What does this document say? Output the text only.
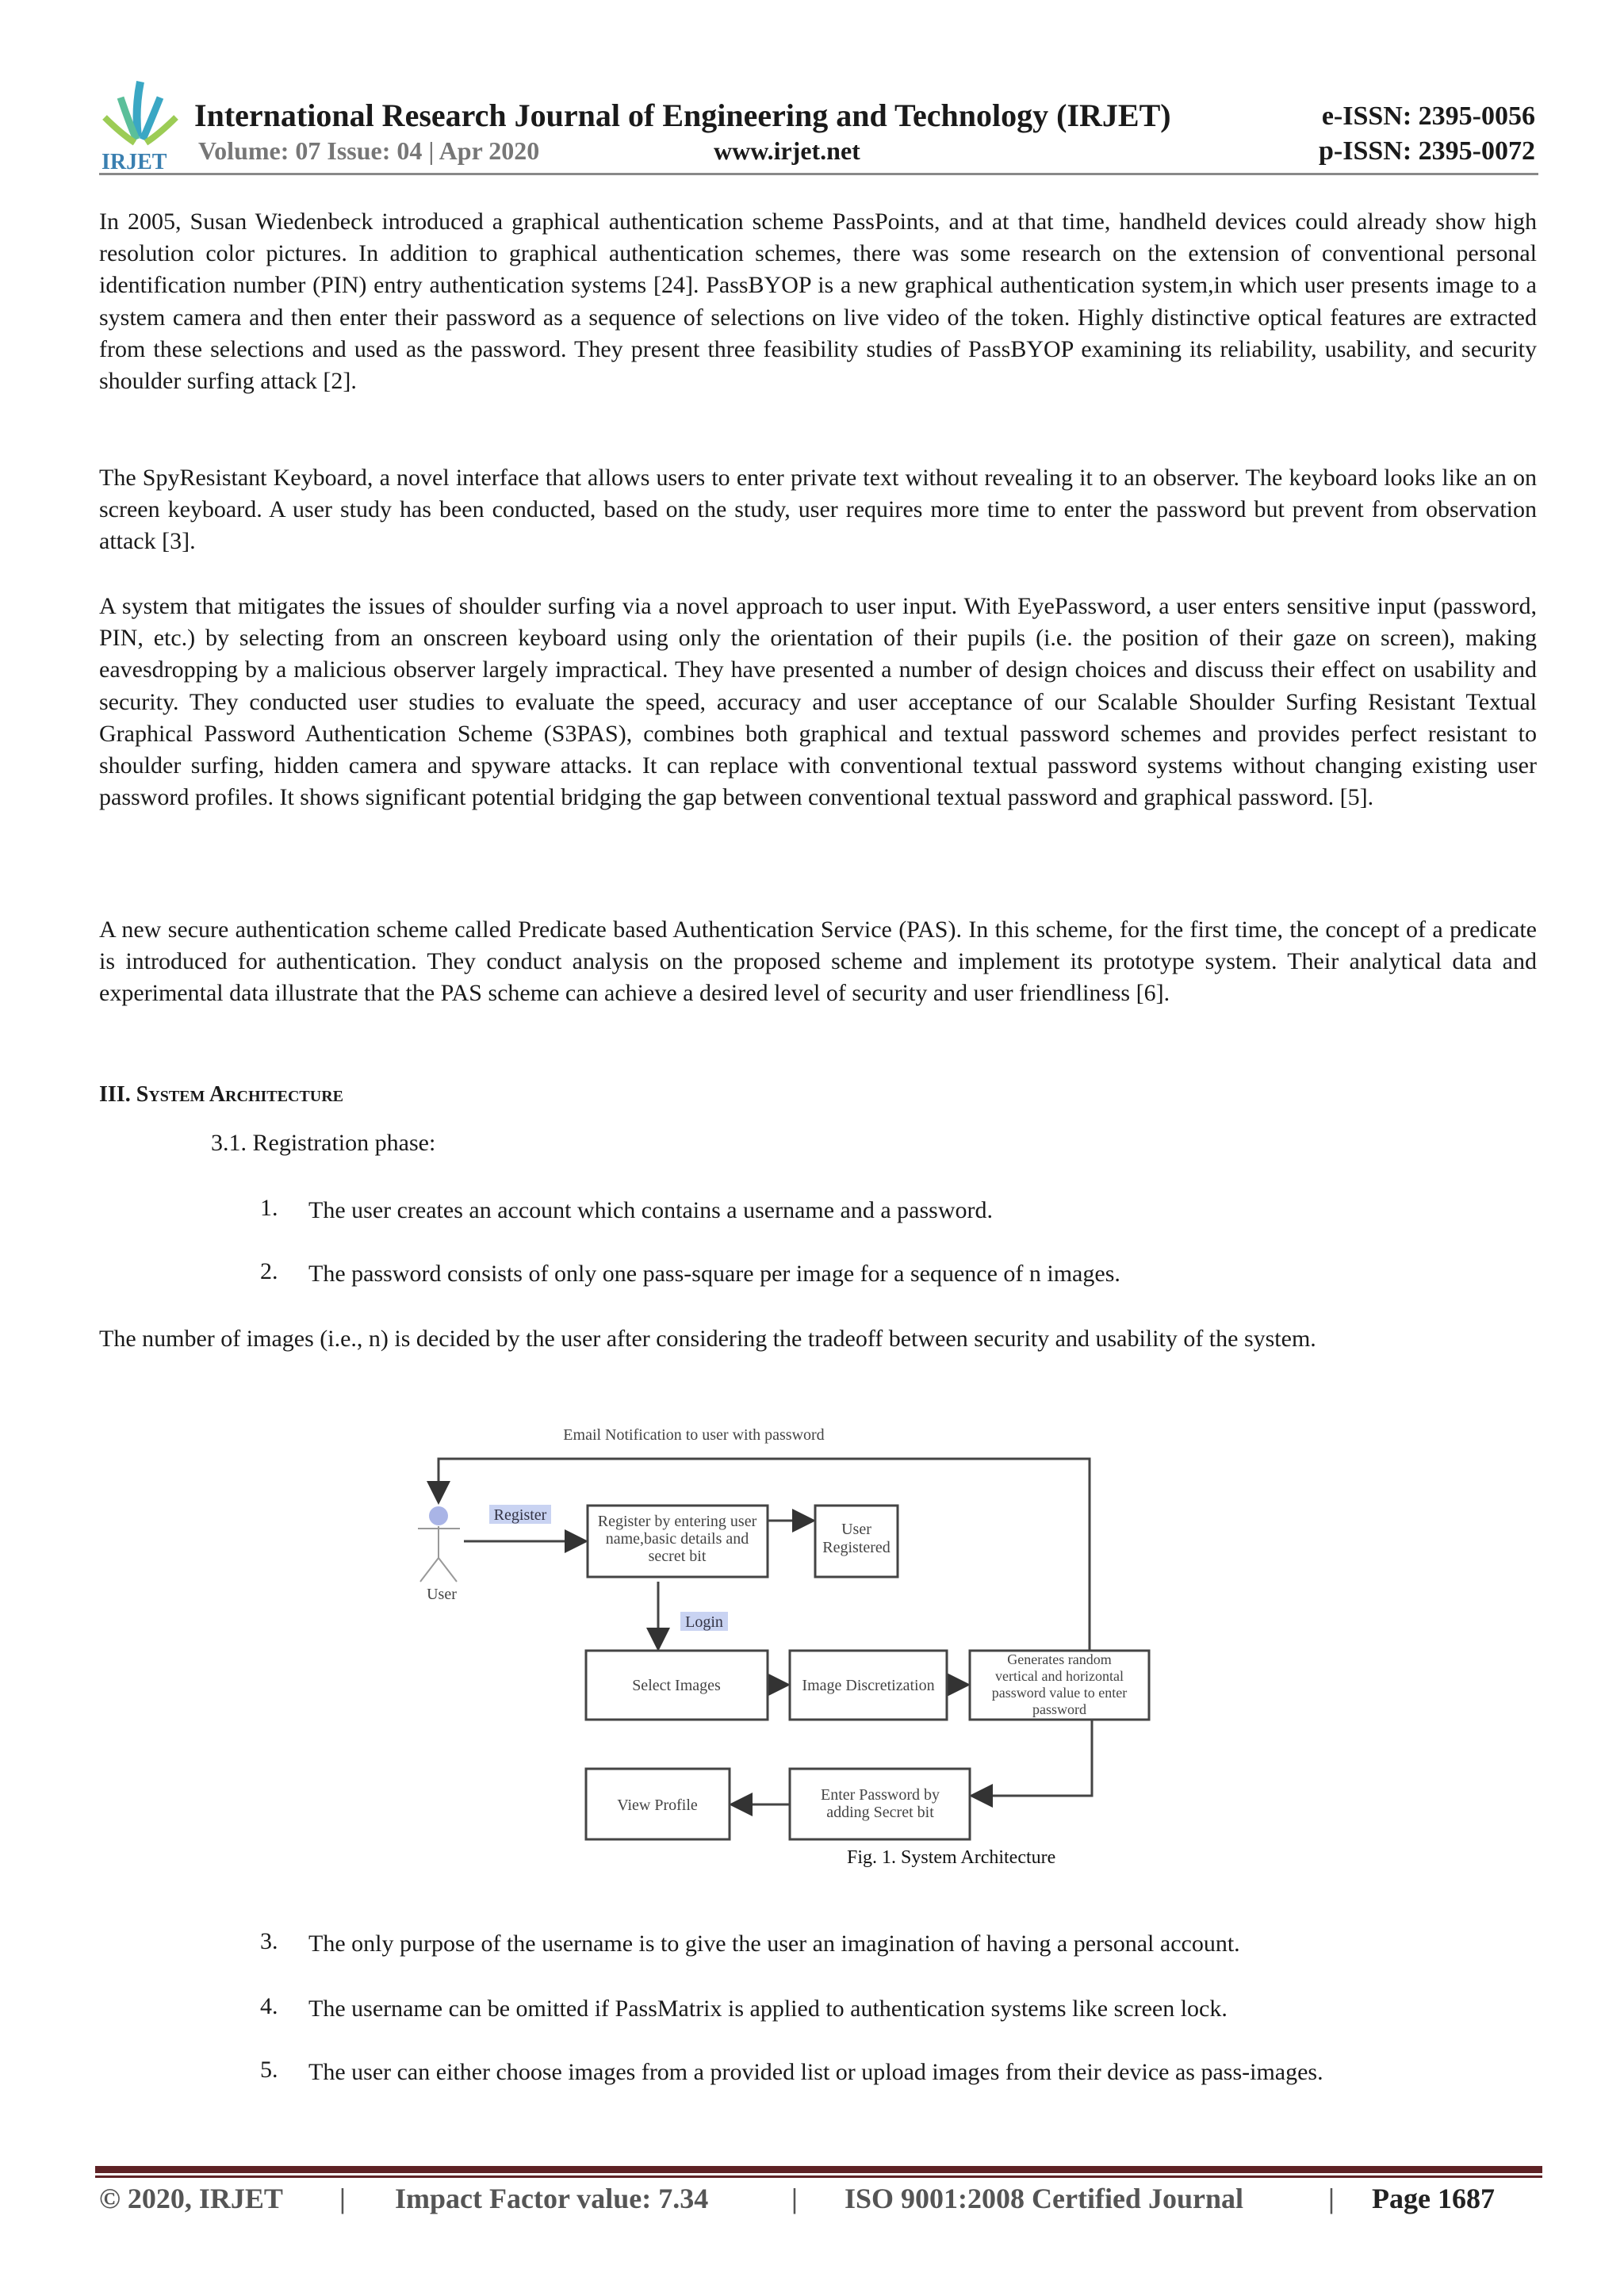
IRJET
International Research Journal of Engineering and Technology (IRJET)	e-ISSN: 2395-0056
Volume: 07 Issue: 04 | Apr 2020	www.irjet.net	p-ISSN: 2395-0072
In 2005, Susan Wiedenbeck introduced a graphical authentication scheme PassPoints, and at that time, handheld devices could already show high resolution color pictures. In addition to graphical authentication schemes, there was some research on the extension of conventional personal identification number (PIN) entry authentication systems [24]. PassBYOP is a new graphical authentication system,in which user presents image to a system camera and then enter their password as a sequence of selections on live video of the token. Highly distinctive optical features are extracted from these selections and used as the password. They present three feasibility studies of PassBYOP examining its reliability, usability, and security shoulder surfing attack [2].
The SpyResistant Keyboard, a novel interface that allows users to enter private text without revealing it to an observer. The keyboard looks like an on screen keyboard. A user study has been conducted, based on the study, user requires more time to enter the password but prevent from observation attack [3].
A system that mitigates the issues of shoulder surfing via a novel approach to user input. With EyePassword, a user enters sensitive input (password, PIN, etc.) by selecting from an onscreen keyboard using only the orientation of their pupils (i.e. the position of their gaze on screen), making eavesdropping by a malicious observer largely impractical. They have presented a number of design choices and discuss their effect on usability and security. They conducted user studies to evaluate the speed, accuracy and user acceptance of our Scalable Shoulder Surfing Resistant Textual Graphical Password Authentication Scheme (S3PAS), combines both graphical and textual password schemes and provides perfect resistant to shoulder surfing, hidden camera and spyware attacks. It can replace with conventional textual password systems without changing existing user password profiles. It shows significant potential bridging the gap between conventional textual password and graphical password. [5].
A new secure authentication scheme called Predicate based Authentication Service (PAS). In this scheme, for the first time, the concept of a predicate is introduced for authentication. They conduct analysis on the proposed scheme and implement its prototype system. Their analytical data and experimental data illustrate that the PAS scheme can achieve a desired level of security and user friendliness [6].
III. System Architecture
3.1. Registration phase:
1. The user creates an account which contains a username and a password.
2. The password consists of only one pass-square per image for a sequence of n images.
The number of images (i.e., n) is decided by the user after considering the tradeoff between security and usability of the system.
Email Notification to user with password
User
Register
Login
Register by entering user
name,basic details and
secret bit
User
Registered
Select Images	Image Discretization
Generates random
vertical and horizontal
password value to enter
password
View Profile
Enter Password by
adding Secret bit
Fig. 1. System Architecture
3. The only purpose of the username is to give the user an imagination of having a personal account.
4. The username can be omitted if PassMatrix is applied to authentication systems like screen lock.
5. The user can either choose images from a provided list or upload images from their device as pass-images.
© 2020, IRJET | Impact Factor value: 7.34	| ISO 9001:2008 Certified Journal	| Page 1687
